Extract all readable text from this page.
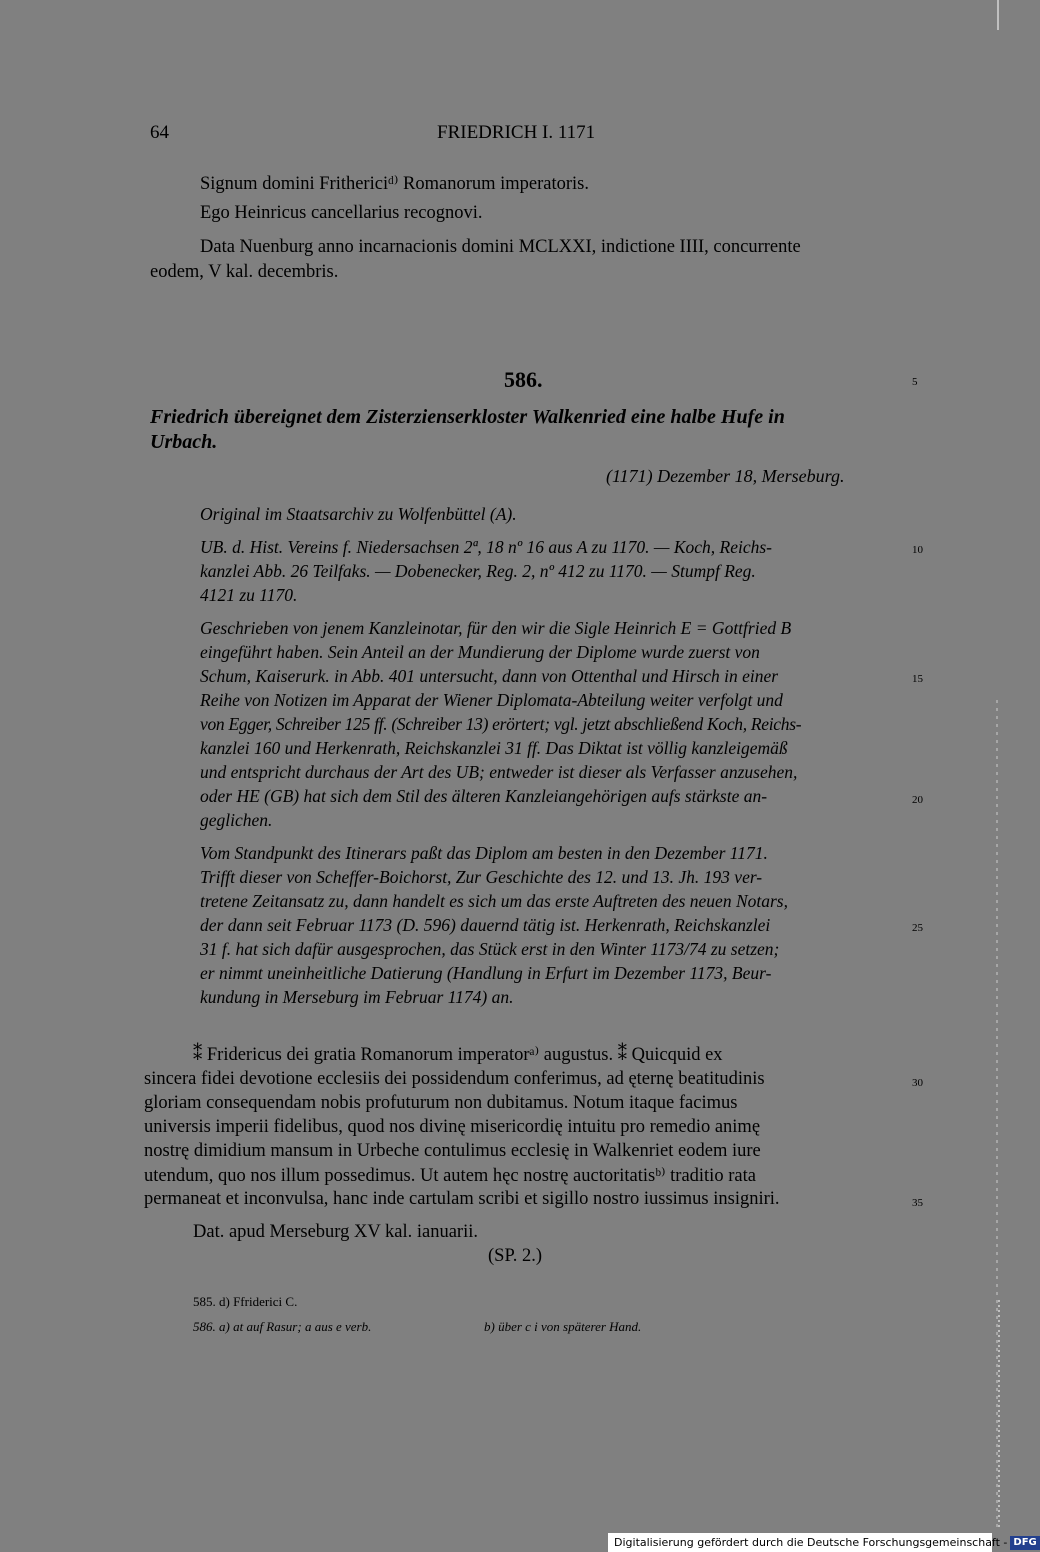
64	FRIEDRICH I. 1171
Signum domini Frithericiᵈ⁾ Romanorum imperatoris.
Ego Heinricus cancellarius recognovi.
Data Nuenburg anno incarnacionis domini MCLXXI, indictione IIII, concurrente
eodem, V kal. decembris.
586.	5
Friedrich übereignet dem Zisterzienserkloster Walkenried eine halbe Hufe in
Urbach.
(1171) Dezember 18, Merseburg.
Original im Staatsarchiv zu Wolfenbüttel (A).
UB. d. Hist. Vereins f. Niedersachsen 2ª, 18 nº 16 aus A zu 1170. — Koch, Reichs-	10
kanzlei Abb. 26 Teilfaks. — Dobenecker, Reg. 2, nº 412 zu 1170. — Stumpf Reg.
4121 zu 1170.
Geschrieben von jenem Kanzleinotar, für den wir die Sigle Heinrich E = Gottfried B
eingeführt haben. Sein Anteil an der Mundierung der Diplome wurde zuerst von
Schum, Kaiserurk. in Abb. 401 untersucht, dann von Ottenthal und Hirsch in einer	15
Reihe von Notizen im Apparat der Wiener Diplomata-Abteilung weiter verfolgt und
von Egger, Schreiber 125 ff. (Schreiber 13) erörtert; vgl. jetzt abschließend Koch, Reichs-
kanzlei 160 und Herkenrath, Reichskanzlei 31 ff. Das Diktat ist völlig kanzleigemäß
und entspricht durchaus der Art des UB; entweder ist dieser als Verfasser anzusehen,
oder HE (GB) hat sich dem Stil des älteren Kanzleiangehörigen aufs stärkste an-	20
geglichen.
Vom Standpunkt des Itinerars paßt das Diplom am besten in den Dezember 1171.
Trifft dieser von Scheffer-Boichorst, Zur Geschichte des 12. und 13. Jh. 193 ver-
tretene Zeitansatz zu, dann handelt es sich um das erste Auftreten des neuen Notars,
der dann seit Februar 1173 (D. 596) dauernd tätig ist. Herkenrath, Reichskanzlei	25
31 f. hat sich dafür ausgesprochen, das Stück erst in den Winter 1173/74 zu setzen;
er nimmt uneinheitliche Datierung (Handlung in Erfurt im Dezember 1173, Beur-
kundung in Merseburg im Februar 1174) an.
⁑ Fridericus dei gratia Romanorum imperatorᵃ⁾ augustus. ⁑ Quicquid ex
sincera fidei devotione ecclesiis dei possidendum conferimus, ad ęternę beatitudinis	30
gloriam consequendam nobis profuturum non dubitamus. Notum itaque facimus
universis imperii fidelibus, quod nos divinę misericordię intuitu pro remedio animę
nostrę dimidium mansum in Urbeche contulimus ecclesię in Walkenriet eodem iure
utendum, quo nos illum possedimus. Ut autem hęc nostrę auctoritatisᵇ⁾ traditio rata
permaneat et inconvulsa, hanc inde cartulam scribi et sigillo nostro iussimus insigniri.	35
Dat. apud Merseburg XV kal. ianuarii.
(SP. 2.)
585. d) Ffriderici C.
586. a) at auf Rasur; a aus e verb.	b) über c i von späterer Hand.
Digitalisierung gefördert durch die Deutsche Forschungsgemeinschaft - DFG
